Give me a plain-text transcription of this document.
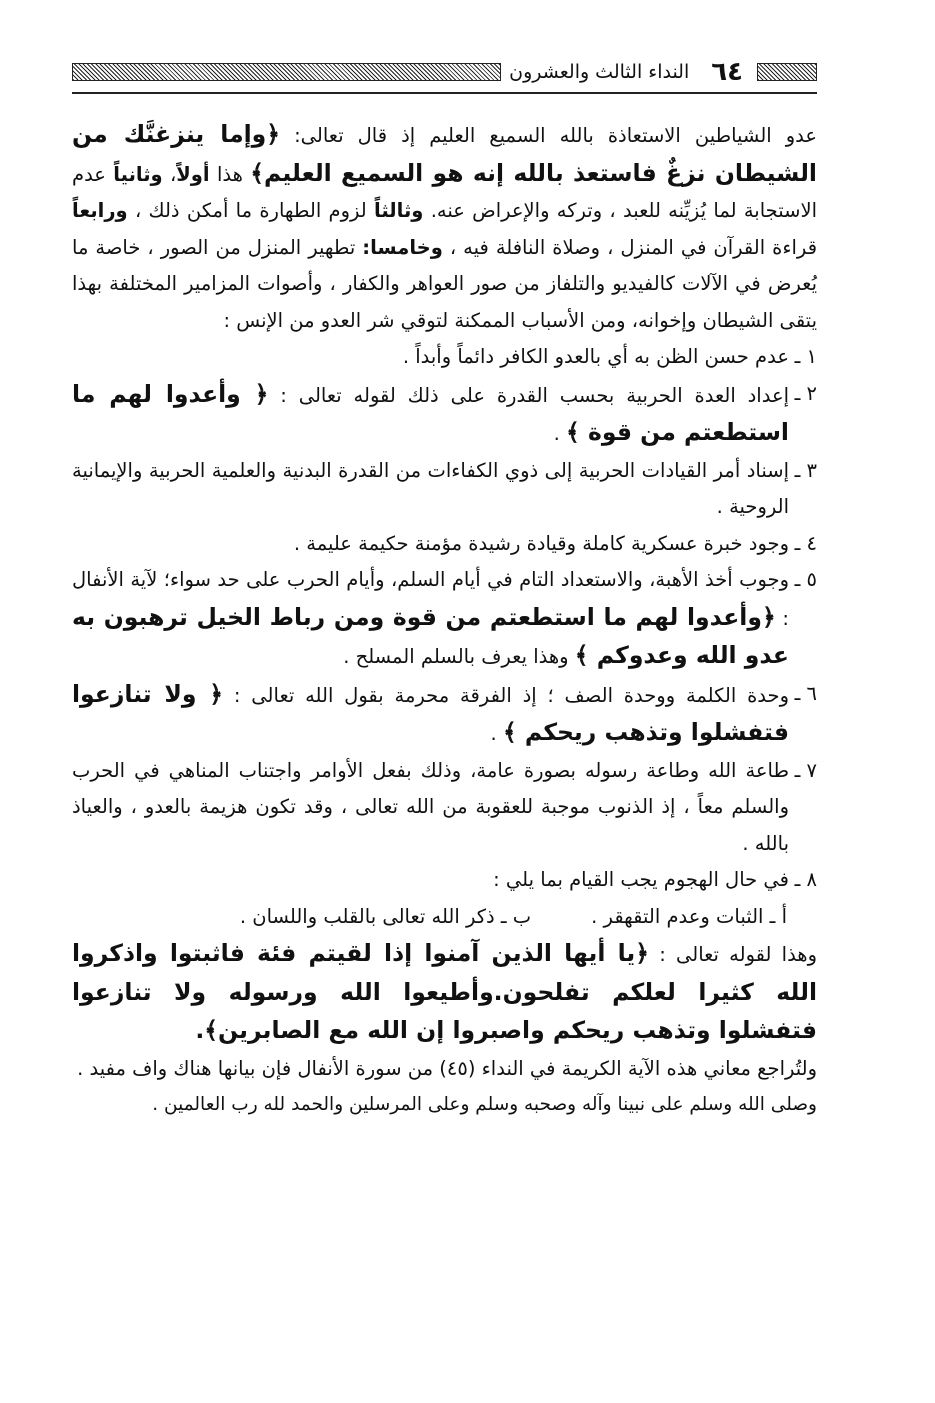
٦٤
النداء الثالث والعشرون

عدو الشياطين الاستعاذة بالله السميع العليم إذ قال تعالى: ﴿وإما ينزغنَّك من الشيطان نزغٌ فاستعذ بالله إنه هو السميع العليم﴾ هذا أولاً، وثانياً عدم الاستجابة لما يُزيِّنه للعبد ، وتركه والإعراض عنه. وثالثاً لزوم الطهارة ما أمكن ذلك ، ورابعاً قراءة القرآن في المنزل ، وصلاة النافلة فيه ، وخامسا: تطهير المنزل من الصور ، خاصة ما يُعرض في الآلات كالفيديو والتلفاز من صور العواهر والكفار ، وأصوات المزامير المختلفة بهذا يتقى الشيطان وإخوانه، ومن الأسباب الممكنة لتوقي شر العدو من الإنس :

١ ـ
عدم حسن الظن به أي بالعدو الكافر دائماً وأبداً .
٢ ـ
إعداد العدة الحربية بحسب القدرة على ذلك لقوله تعالى : ﴿ وأعدوا لهم ما استطعتم من قوة ﴾ .
٣ ـ
إسناد أمر القيادات الحربية إلى ذوي الكفاءات من القدرة البدنية والعلمية الحربية والإيمانية الروحية .
٤ ـ
وجود خبرة عسكرية كاملة وقيادة رشيدة مؤمنة حكيمة عليمة .
٥ ـ
وجوب أخذ الأهبة، والاستعداد التام في أيام السلم، وأيام الحرب على حد سواء؛ لآية الأنفال : ﴿وأعدوا لهم ما استطعتم من قوة ومن رباط الخيل ترهبون به عدو الله وعدوكم ﴾ وهذا يعرف بالسلم المسلح .
٦ ـ
وحدة الكلمة ووحدة الصف ؛ إذ الفرقة محرمة بقول الله تعالى : ﴿ ولا تنازعوا فتفشلوا وتذهب ريحكم ﴾ .
٧ ـ
طاعة الله وطاعة رسوله بصورة عامة، وذلك بفعل الأوامر واجتناب المناهي في الحرب والسلم معاً ، إذ الذنوب موجبة للعقوبة من الله تعالى ، وقد تكون هزيمة بالعدو ، والعياذ بالله .
٨ ـ
في حال الهجوم يجب القيام بما يلي :
أ ـ الثبات وعدم التقهقر .
ب ـ ذكر الله تعالى بالقلب واللسان .

وهذا لقوله تعالى : ﴿يا أيها الذين آمنوا إذا لقيتم فئة فاثبتوا واذكروا الله كثيرا لعلكم تفلحون.وأطيعوا الله ورسوله ولا تنازعوا فتفشلوا وتذهب ريحكم واصبروا إن الله مع الصابرين﴾.

ولتُراجع معاني هذه الآية الكريمة في النداء (٤٥) من سورة الأنفال فإن بيانها هناك واف مفيد .

وصلى الله وسلم على نبينا وآله وصحبه وسلم وعلى المرسلين والحمد لله رب العالمين .
